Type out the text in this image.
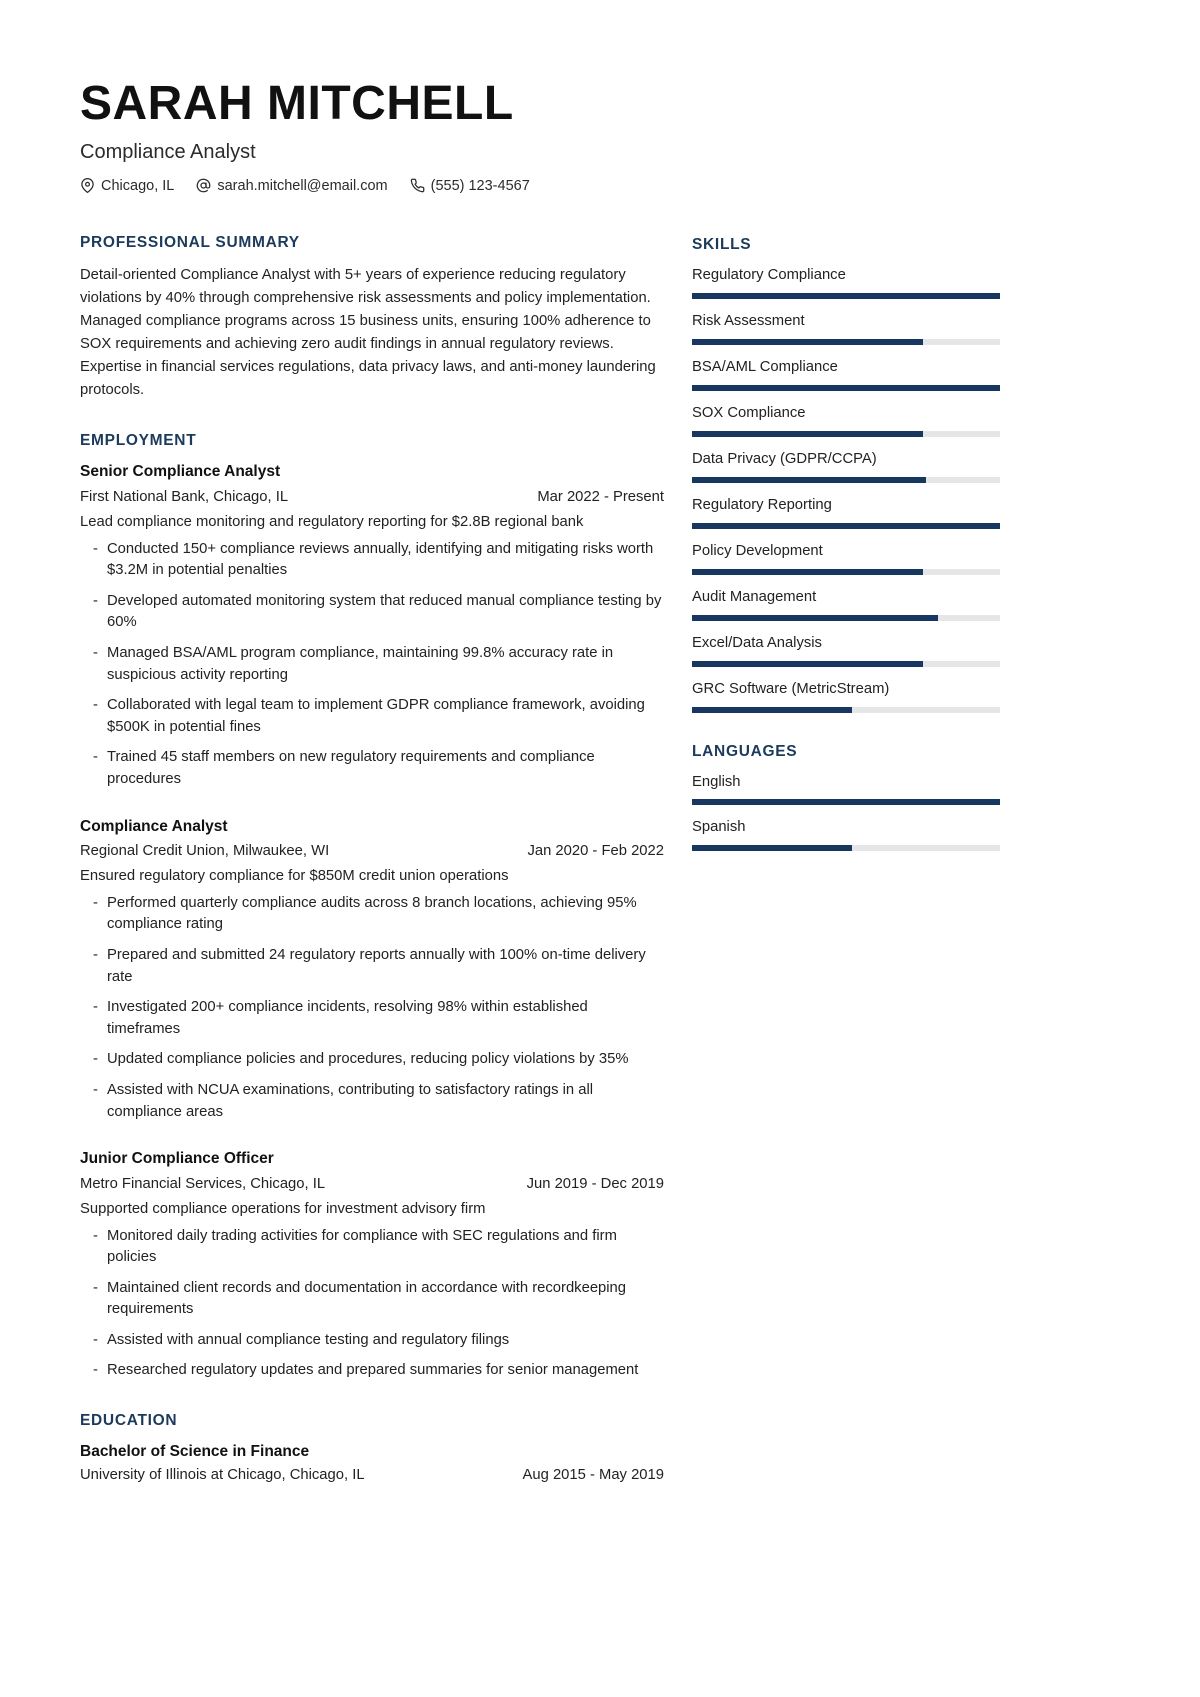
SARAH MITCHELL
Compliance Analyst
Chicago, IL	sarah.mitchell@email.com	(555) 123-4567
PROFESSIONAL SUMMARY

Detail-oriented Compliance Analyst with 5+ years of experience reducing regulatory violations by 40% through comprehensive risk assessments and policy implementation. Managed compliance programs across 15 business units, ensuring 100% adherence to SOX requirements and achieving zero audit findings in annual regulatory reviews. Expertise in financial services regulations, data privacy laws, and anti-money laundering protocols.

EMPLOYMENT
Senior Compliance Analyst
First National Bank, Chicago, IL	Mar 2022 - Present
Lead compliance monitoring and regulatory reporting for $2.8B regional bank
- Conducted 150+ compliance reviews annually, identifying and mitigating risks worth $3.2M in potential penalties
- Developed automated monitoring system that reduced manual compliance testing by 60%
- Managed BSA/AML program compliance, maintaining 99.8% accuracy rate in suspicious activity reporting
- Collaborated with legal team to implement GDPR compliance framework, avoiding $500K in potential fines
- Trained 45 staff members on new regulatory requirements and compliance procedures
Compliance Analyst
Regional Credit Union, Milwaukee, WI	Jan 2020 - Feb 2022
Ensured regulatory compliance for $850M credit union operations
- Performed quarterly compliance audits across 8 branch locations, achieving 95% compliance rating
- Prepared and submitted 24 regulatory reports annually with 100% on-time delivery rate
- Investigated 200+ compliance incidents, resolving 98% within established timeframes
- Updated compliance policies and procedures, reducing policy violations by 35%
- Assisted with NCUA examinations, contributing to satisfactory ratings in all compliance areas
Junior Compliance Officer
Metro Financial Services, Chicago, IL	Jun 2019 - Dec 2019
Supported compliance operations for investment advisory firm
- Monitored daily trading activities for compliance with SEC regulations and firm policies
- Maintained client records and documentation in accordance with recordkeeping requirements
- Assisted with annual compliance testing and regulatory filings
- Researched regulatory updates and prepared summaries for senior management
EDUCATION
Bachelor of Science in Finance
University of Illinois at Chicago, Chicago, IL	Aug 2015 - May 2019
SKILLS
Regulatory Compliance
Risk Assessment
BSA/AML Compliance
SOX Compliance
Data Privacy (GDPR/CCPA)
Regulatory Reporting
Policy Development
Audit Management
Excel/Data Analysis
GRC Software (MetricStream)
LANGUAGES
English
Spanish
